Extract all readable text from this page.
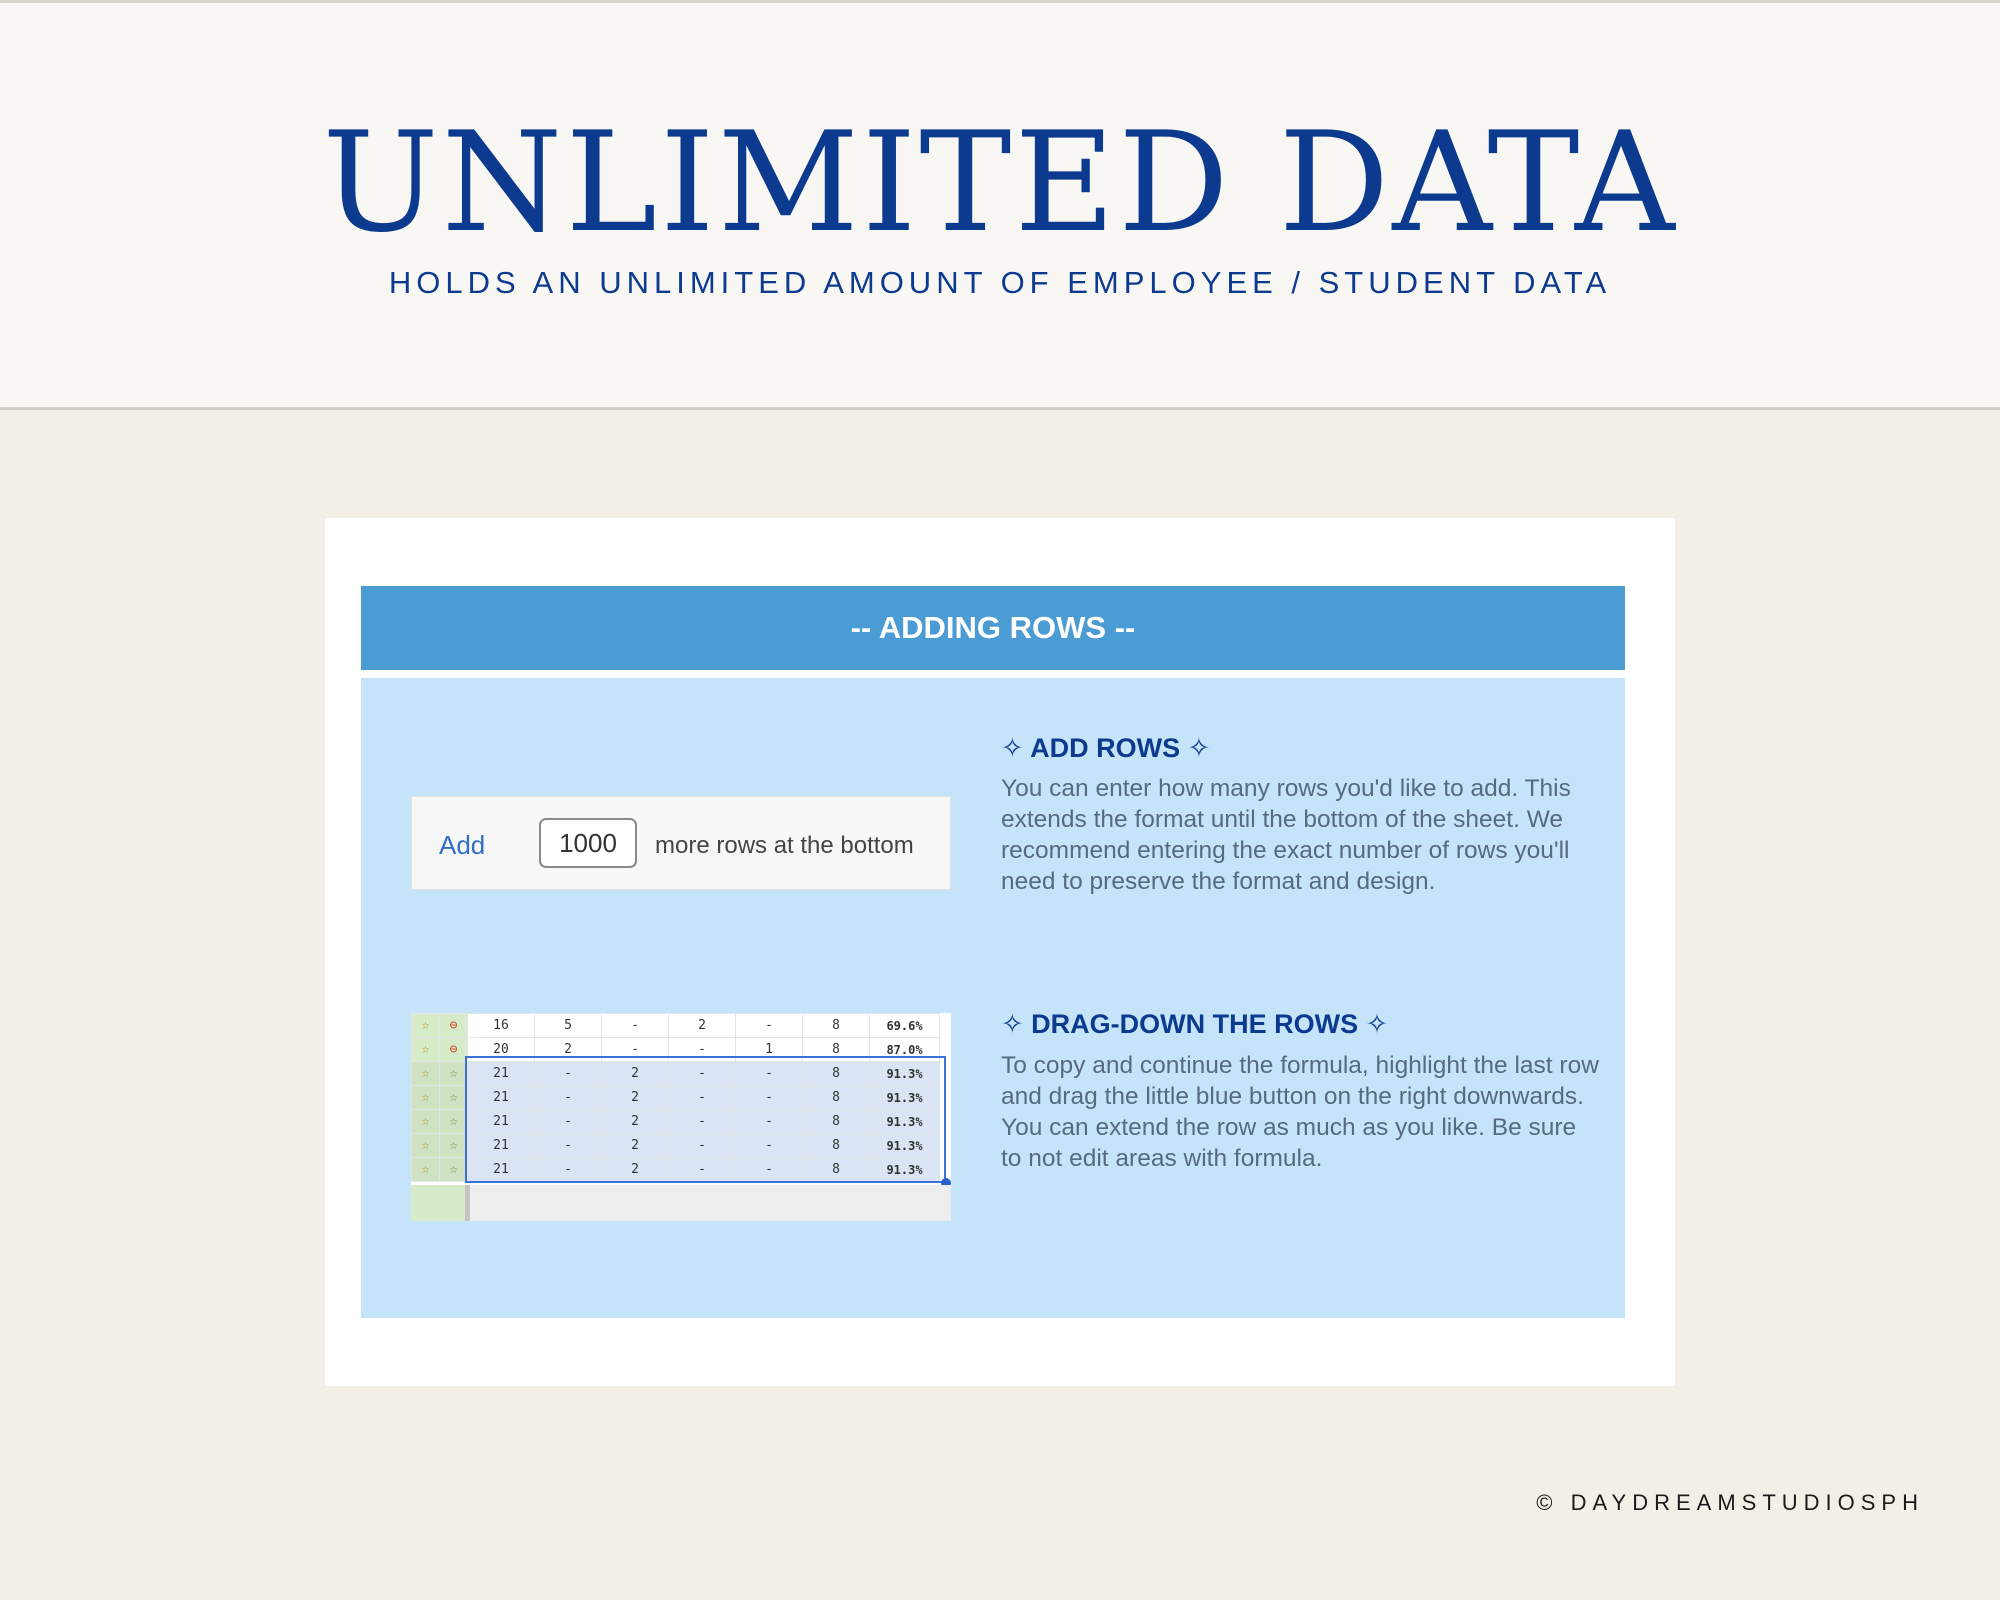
UNLIMITED DATA
HOLDS AN UNLIMITED AMOUNT OF EMPLOYEE / STUDENT DATA
-- ADDING ROWS --
Add	1000	more rows at the bottom
✧ ADD ROWS ✧
You can enter how many rows you'd like to add. This extends the format until the bottom of the sheet. We recommend entering the exact number of rows you'll need to preserve the format and design.
☆	⊖	16	5	-	2	-	8	69.6%
☆	⊖	20	2	-	-	1	8	87.0%
☆	☆	21	-	2	-	-	8	91.3%
☆	☆	21	-	2	-	-	8	91.3%
☆	☆	21	-	2	-	-	8	91.3%
☆	☆	21	-	2	-	-	8	91.3%
☆	☆	21	-	2	-	-	8	91.3%
✧ DRAG-DOWN THE ROWS ✧
To copy and continue the formula, highlight the last row and drag the little blue button on the right downwards. You can extend the row as much as you like. Be sure to not edit areas with formula.
© DAYDREAMSTUDIOSPH
